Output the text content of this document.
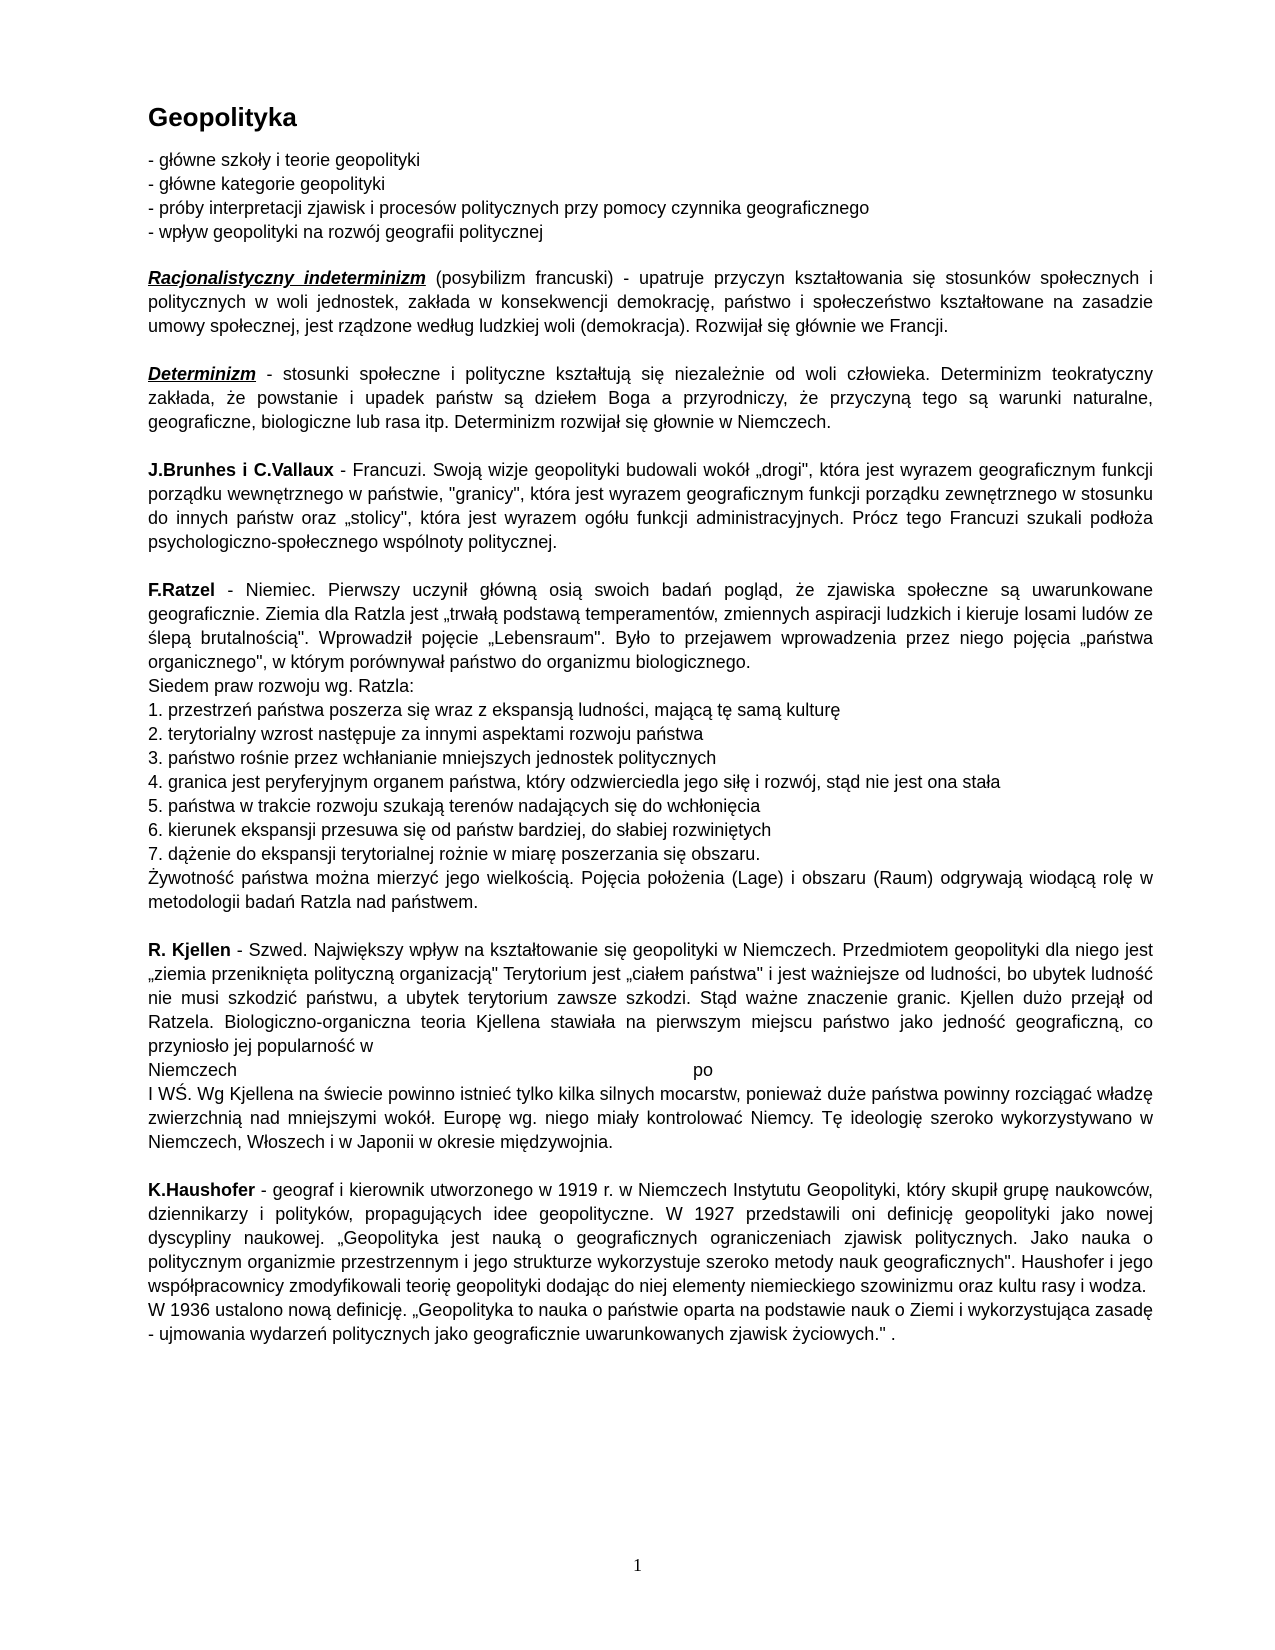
Geopolityka
- główne szkoły i teorie geopolityki
- główne kategorie geopolityki
- próby interpretacji zjawisk i procesów politycznych przy pomocy czynnika geograficznego
- wpływ geopolityki na rozwój geografii politycznej

Racjonalistyczny indeterminizm (posybilizm francuski) - upatruje przyczyn kształtowania się stosunków społecznych i politycznych w woli jednostek, zakłada w konsekwencji demokrację, państwo i społeczeństwo kształtowane na zasadzie umowy społecznej, jest rządzone według ludzkiej woli (demokracja). Rozwijał się głównie we Francji.

Determinizm - stosunki społeczne i polityczne kształtują się niezależnie od woli człowieka. Determinizm teokratyczny zakłada, że powstanie i upadek państw są dziełem Boga a przyrodniczy, że przyczyną tego są warunki naturalne, geograficzne, biologiczne lub rasa itp. Determinizm rozwijał się głownie w Niemczech.

J.Brunhes i C.Vallaux - Francuzi. Swoją wizje geopolityki budowali wokół „drogi", która jest wyrazem geograficznym funkcji porządku wewnętrznego w państwie, "granicy", która jest wyrazem geograficznym funkcji porządku zewnętrznego w stosunku do innych państw oraz „stolicy", która jest wyrazem ogółu funkcji administracyjnych. Prócz tego Francuzi szukali podłoża psychologiczno-społecznego wspólnoty politycznej.

F.Ratzel - Niemiec. Pierwszy uczynił główną osią swoich badań pogląd, że zjawiska społeczne są uwarunkowane geograficznie. Ziemia dla Ratzla jest „trwałą podstawą temperamentów, zmiennych aspiracji ludzkich i kieruje losami ludów ze ślepą brutalnością". Wprowadził pojęcie „Lebensraum". Było to przejawem wprowadzenia przez niego pojęcia „państwa organicznego", w którym porównywał państwo do organizmu biologicznego.

Siedem praw rozwoju wg. Ratzla:
1. przestrzeń państwa poszerza się wraz z ekspansją ludności, mającą tę samą kulturę
2. terytorialny wzrost następuje za innymi aspektami rozwoju państwa
3. państwo rośnie przez wchłanianie mniejszych jednostek politycznych
4. granica jest peryferyjnym organem państwa, który odzwierciedla jego siłę i rozwój, stąd nie jest ona stała
5. państwa w trakcie rozwoju szukają terenów nadających się do wchłonięcia
6. kierunek ekspansji przesuwa się od państw bardziej, do słabiej rozwiniętych
7. dążenie do ekspansji terytorialnej rożnie w miarę poszerzania się obszaru.

Żywotność państwa można mierzyć jego wielkością. Pojęcia położenia (Lage) i obszaru (Raum) odgrywają wiodącą rolę w metodologii badań Ratzla nad państwem.

R. Kjellen - Szwed. Największy wpływ na kształtowanie się geopolityki w Niemczech. Przedmiotem geopolityki dla niego jest „ziemia przeniknięta polityczną organizacją" Terytorium jest „ciałem państwa" i jest ważniejsze od ludności, bo ubytek ludność nie musi szkodzić państwu, a ubytek terytorium zawsze szkodzi. Stąd ważne znaczenie granic. Kjellen dużo przejął od Ratzela. Biologiczno-organiczna teoria Kjellena stawiała na pierwszym miejscu państwo jako jedność geograficzną, co przyniosło jej popularność w

Niemczech	po

I WŚ. Wg Kjellena na świecie powinno istnieć tylko kilka silnych mocarstw, ponieważ duże państwa powinny rozciągać władzę zwierzchnią nad mniejszymi wokół. Europę wg. niego miały kontrolować Niemcy. Tę ideologię szeroko wykorzystywano w Niemczech, Włoszech i w Japonii w okresie międzywojnia.

K.Haushofer - geograf i kierownik utworzonego w 1919 r. w Niemczech Instytutu Geopolityki, który skupił grupę naukowców, dziennikarzy i polityków, propagujących idee geopolityczne. W 1927 przedstawili oni definicję geopolityki jako nowej dyscypliny naukowej. „Geopolityka jest nauką o geograficznych ograniczeniach zjawisk politycznych. Jako nauka o politycznym organizmie przestrzennym i jego strukturze wykorzystuje szeroko metody nauk geograficznych". Haushofer i jego współpracownicy zmodyfikowali teorię geopolityki dodając do niej elementy niemieckiego szowinizmu oraz kultu rasy i wodza.

W 1936 ustalono nową definicję. „Geopolityka to nauka o państwie oparta na podstawie nauk o Ziemi i wykorzystująca zasadę - ujmowania wydarzeń politycznych jako geograficznie uwarunkowanych zjawisk życiowych." .

1
